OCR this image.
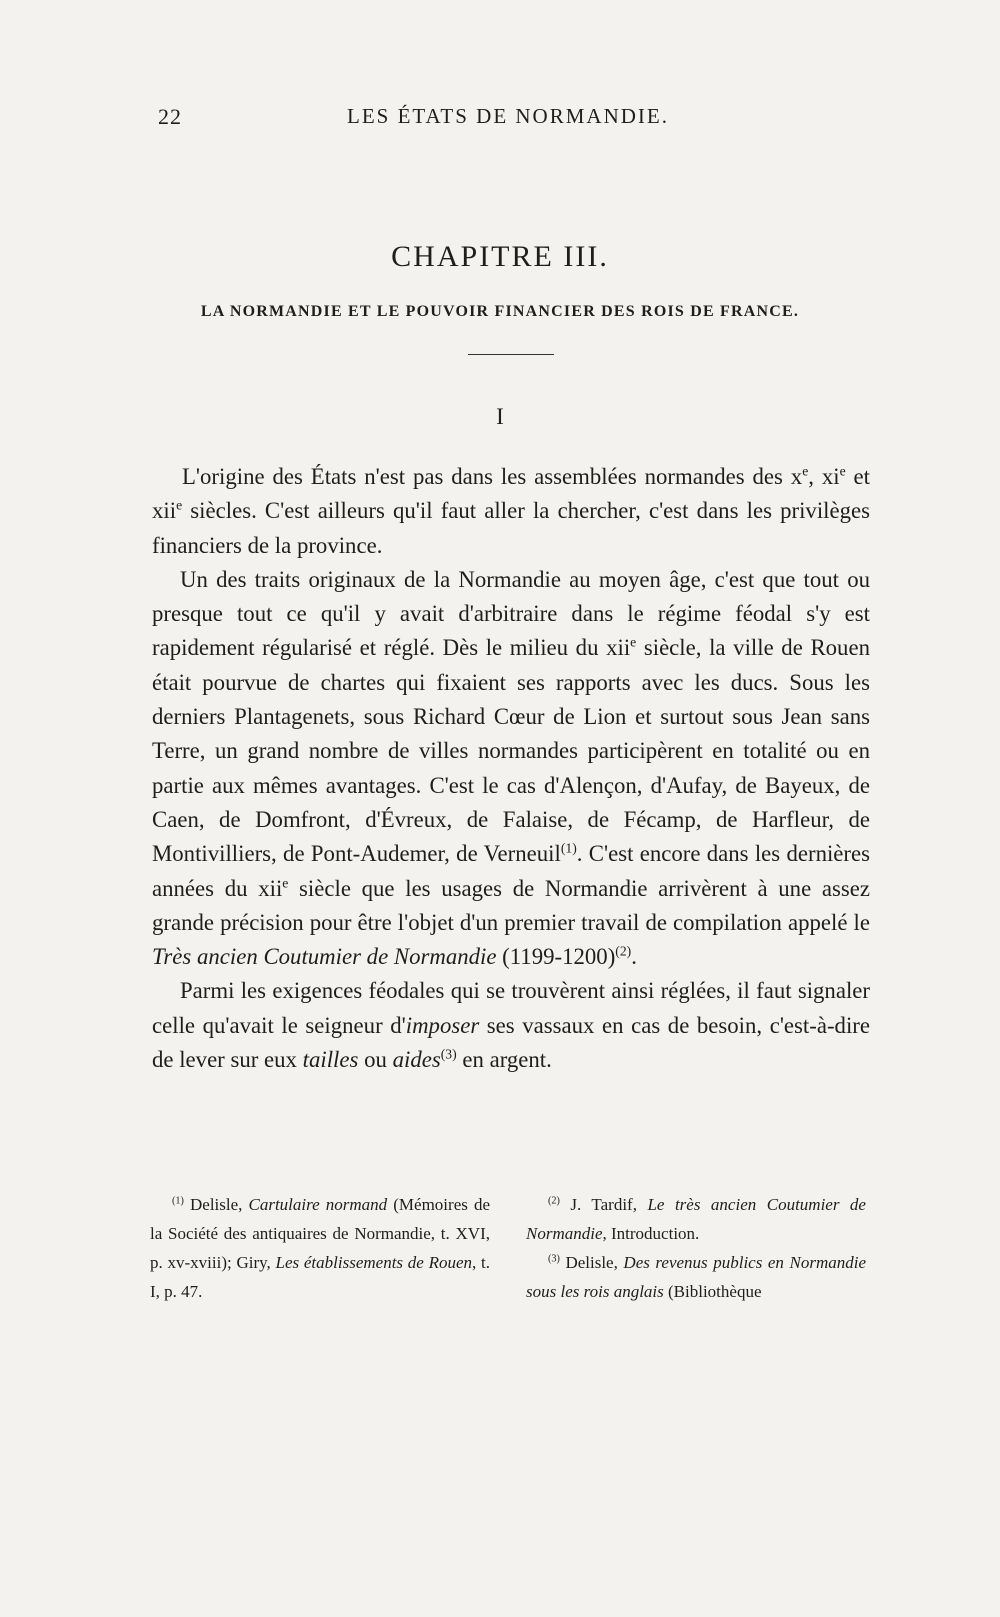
22	LES ÉTATS DE NORMANDIE.
CHAPITRE III.
LA NORMANDIE ET LE POUVOIR FINANCIER DES ROIS DE FRANCE.
I

L'origine des États n'est pas dans les assemblées normandes des $x^e$, $xi^e$ et xii$^e$ siècles. C'est ailleurs qu'il faut aller la chercher, c'est dans les privilèges financiers de la province.

Un des traits originaux de la Normandie au moyen âge, c'est que tout ou presque tout ce qu'il y avait d'arbitraire dans le régime féodal s'y est rapidement régularisé et réglé. Dès le milieu du xii$^e$ siècle, la ville de Rouen était pourvue de chartes qui fixaient ses rapports avec les ducs. Sous les derniers Plantagenets, sous Richard Cœur de Lion et surtout sous Jean sans Terre, un grand nombre de villes normandes participèrent en totalité ou en partie aux mêmes avantages. C'est le cas d'Alençon, d'Aufay, de Bayeux, de Caen, de Domfront, d'Évreux, de Falaise, de Fécamp, de Harfleur, de Montivilliers, de Pont-Audemer, de Verneuil$^{(1)}$. C'est encore dans les dernières années du xii$^e$ siècle que les usages de Normandie arrivèrent à une assez grande précision pour être l'objet d'un premier travail de compilation appelé le Très ancien Coutumier de Normandie (1199-1200)$^{(2)}$.

Parmi les exigences féodales qui se trouvèrent ainsi réglées, il faut signaler celle qu'avait le seigneur d'imposer ses vassaux en cas de besoin, c'est-à-dire de lever sur eux tailles ou aides$^{(3)}$ en argent.

$^{(1)}$ Delisle, Cartulaire normand (Mémoires de la Société des antiquaires de Normandie, t. XVI, p. xv-xviii); Giry, Les établissements de Rouen, t. I, p. 47.

$^{(2)}$ J. Tardif, Le très ancien Coutumier de Normandie, Introduction.

$^{(3)}$ Delisle, Des revenus publics en Normandie sous les rois anglais (Bibliothèque
